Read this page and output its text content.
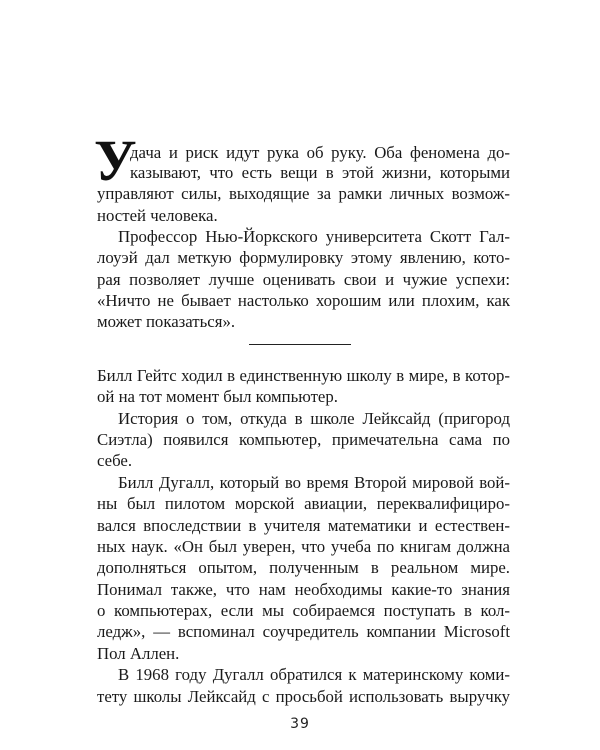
У
дача и риск идут рука об руку. Оба феномена до-
казывают, что есть вещи в этой жизни, которыми
управляют силы, выходящие за рамки личных возмож-
ностей человека.
Профессор Нью-Йоркского университета Скотт Гал-
лоуэй дал меткую формулировку этому явлению, кото-
рая позволяет лучше оценивать свои и чужие успехи:
«Ничто не бывает настолько хорошим или плохим, как
может показаться».
Билл Гейтс ходил в единственную школу в мире, в котор-
ой на тот момент был компьютер.
История о том, откуда в школе Лейксайд (пригород
Сиэтла) появился компьютер, примечательна сама по
себе.
Билл Дугалл, который во время Второй мировой вой-
ны был пилотом морской авиации, переквалифициро-
вался впоследствии в учителя математики и естествен-
ных наук. «Он был уверен, что учеба по книгам должна
дополняться опытом, полученным в реальном мире.
Понимал также, что нам необходимы какие-то знания
о компьютерах, если мы собираемся поступать в кол-
ледж», — вспоминал соучредитель компании Microsoft
Пол Аллен.
В 1968 году Дугалл обратился к материнскому коми-
тету школы Лейксайд с просьбой использовать выручку
39
